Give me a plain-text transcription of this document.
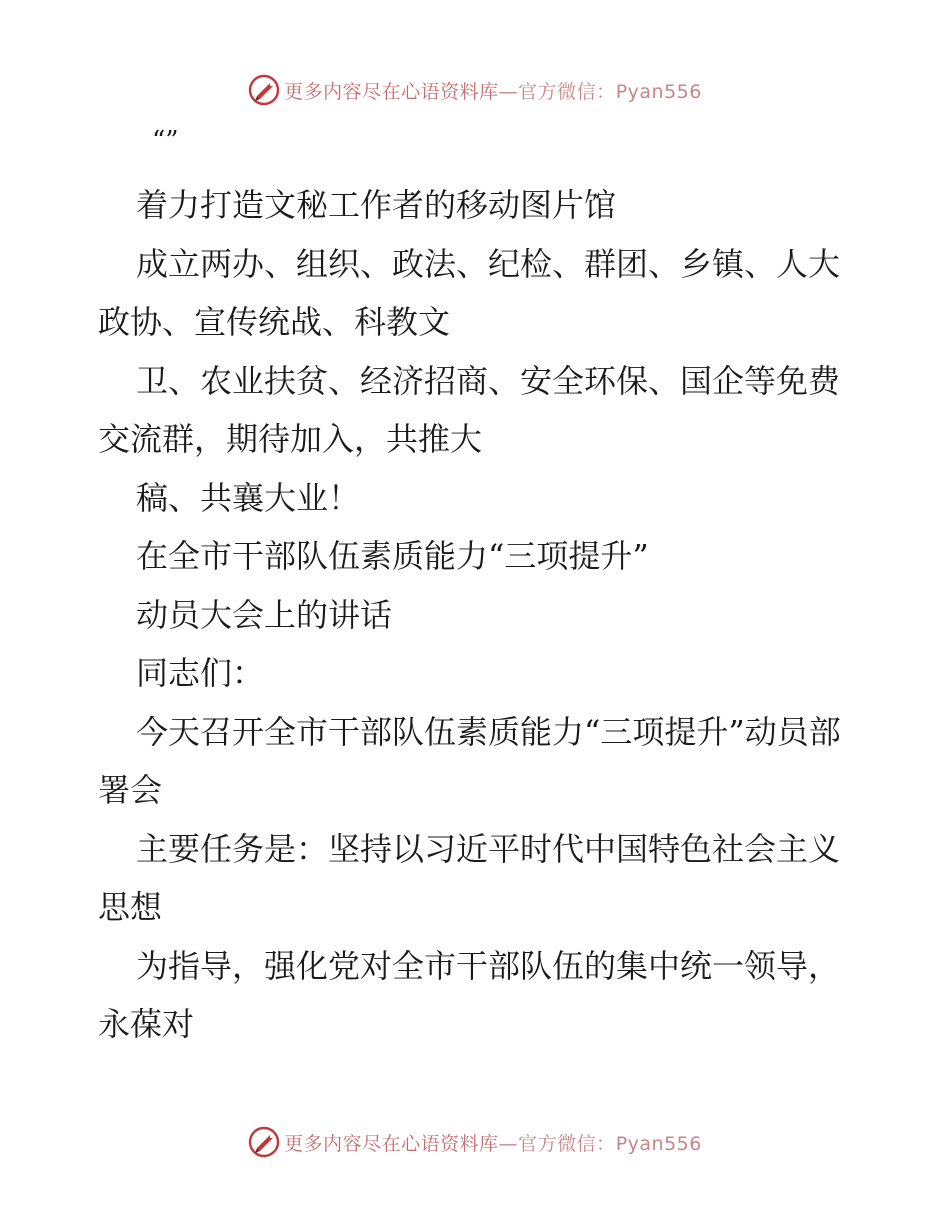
更多内容尽在心语资料库—官方微信：Pyan556
“”

着力打造文秘工作者的移动图片馆

成立两办、组织、政法、纪检、群团、乡镇、人大政协、宣传统战、科教文

卫、农业扶贫、经济招商、安全环保、国企等免费交流群，期待加入，共推大

稿、共襄大业！

在全市干部队伍素质能力“三项提升”

动员大会上的讲话

同志们：

今天召开全市干部队伍素质能力“三项提升”动员部署会

主要任务是：坚持以习近平时代中国特色社会主义思想

为指导，强化党对全市干部队伍的集中统一领导，永葆对

更多内容尽在心语资料库—官方微信：Pyan556
